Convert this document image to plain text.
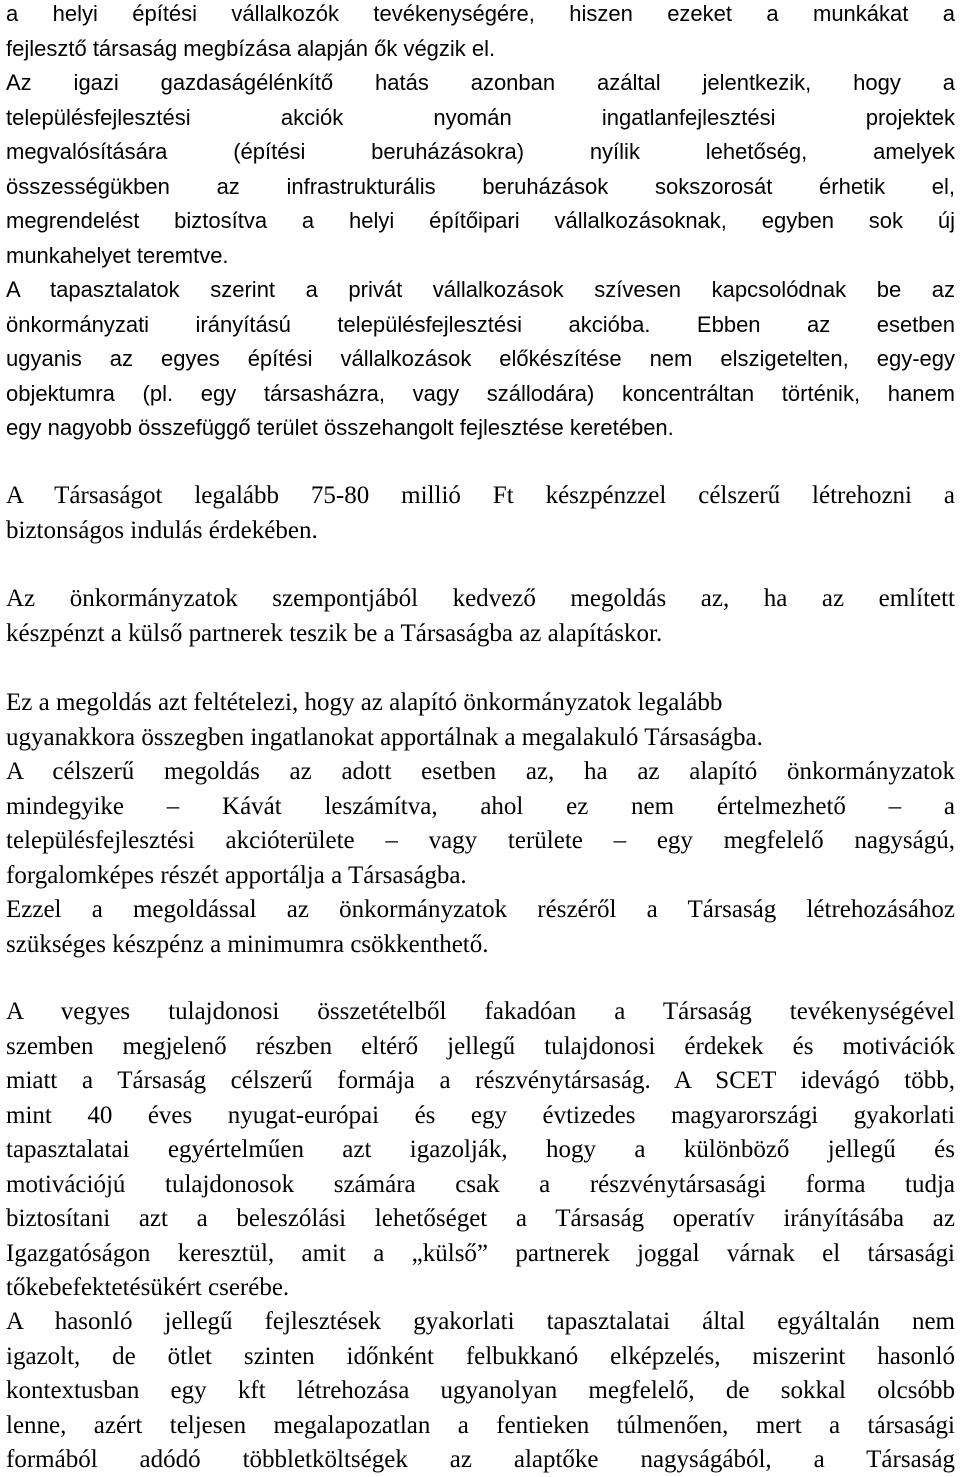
a helyi építési vállalkozók tevékenységére, hiszen ezeket a munkákat a
fejlesztő társaság megbízása alapján ők végzik el.
Az igazi gazdaságélénkítő hatás azonban azáltal jelentkezik, hogy a
településfejlesztési akciók nyomán ingatlanfejlesztési projektek
megvalósítására (építési beruházásokra) nyílik lehetőség, amelyek
összességükben az infrastrukturális beruházások sokszorosát érhetik el,
megrendelést biztosítva a helyi építőipari vállalkozásoknak, egyben sok új
munkahelyet teremtve.
A tapasztalatok szerint a privát vállalkozások szívesen kapcsolódnak be az
önkormányzati irányítású településfejlesztési akcióba. Ebben az esetben
ugyanis az egyes építési vállalkozások előkészítése nem elszigetelten, egy-egy
objektumra (pl. egy társasházra, vagy szállodára) koncentráltan történik, hanem
egy nagyobb összefüggő terület összehangolt fejlesztése keretében.
A Társaságot legalább 75-80 millió Ft készpénzzel célszerű létrehozni a
biztonságos indulás érdekében.
Az önkormányzatok szempontjából kedvező megoldás az, ha az említett
készpénzt a külső partnerek teszik be a Társaságba az alapításkor.
Ez a megoldás azt feltételezi, hogy az alapító önkormányzatok legalább
ugyanakkora összegben ingatlanokat apportálnak a megalakuló Társaságba.
A célszerű megoldás az adott esetben az, ha az alapító önkormányzatok
mindegyike – Kávát leszámítva, ahol ez nem értelmezhető – a
településfejlesztési akcióterülete – vagy területe – egy megfelelő nagyságú,
forgalomképes részét apportálja a Társaságba.
Ezzel a megoldással az önkormányzatok részéről a Társaság létrehozásához
szükséges készpénz a minimumra csökkenthető.
A vegyes tulajdonosi összetételből fakadóan a Társaság tevékenységével
szemben megjelenő részben eltérő jellegű tulajdonosi érdekek és motivációk
miatt a Társaság célszerű formája a részvénytársaság. A SCET idevágó több,
mint 40 éves nyugat-európai és egy évtizedes magyarországi gyakorlati
tapasztalatai egyértelműen azt igazolják, hogy a különböző jellegű és
motivációjú tulajdonosok számára csak a részvénytársasági forma tudja
biztosítani azt a beleszólási lehetőséget a Társaság operatív irányításába az
Igazgatóságon keresztül, amit a „külső” partnerek joggal várnak el társasági
tőkebefektetésükért cserébe.
A hasonló jellegű fejlesztések gyakorlati tapasztalatai által egyáltalán nem
igazolt, de ötlet szinten időnként felbukkanó elképzelés, miszerint hasonló
kontextusban egy kft létrehozása ugyanolyan megfelelő, de sokkal olcsóbb
lenne, azért teljesen megalapozatlan a fentieken túlmenően, mert a társasági
formából adódó többletköltségek az alaptőke nagyságából, a Társaság
